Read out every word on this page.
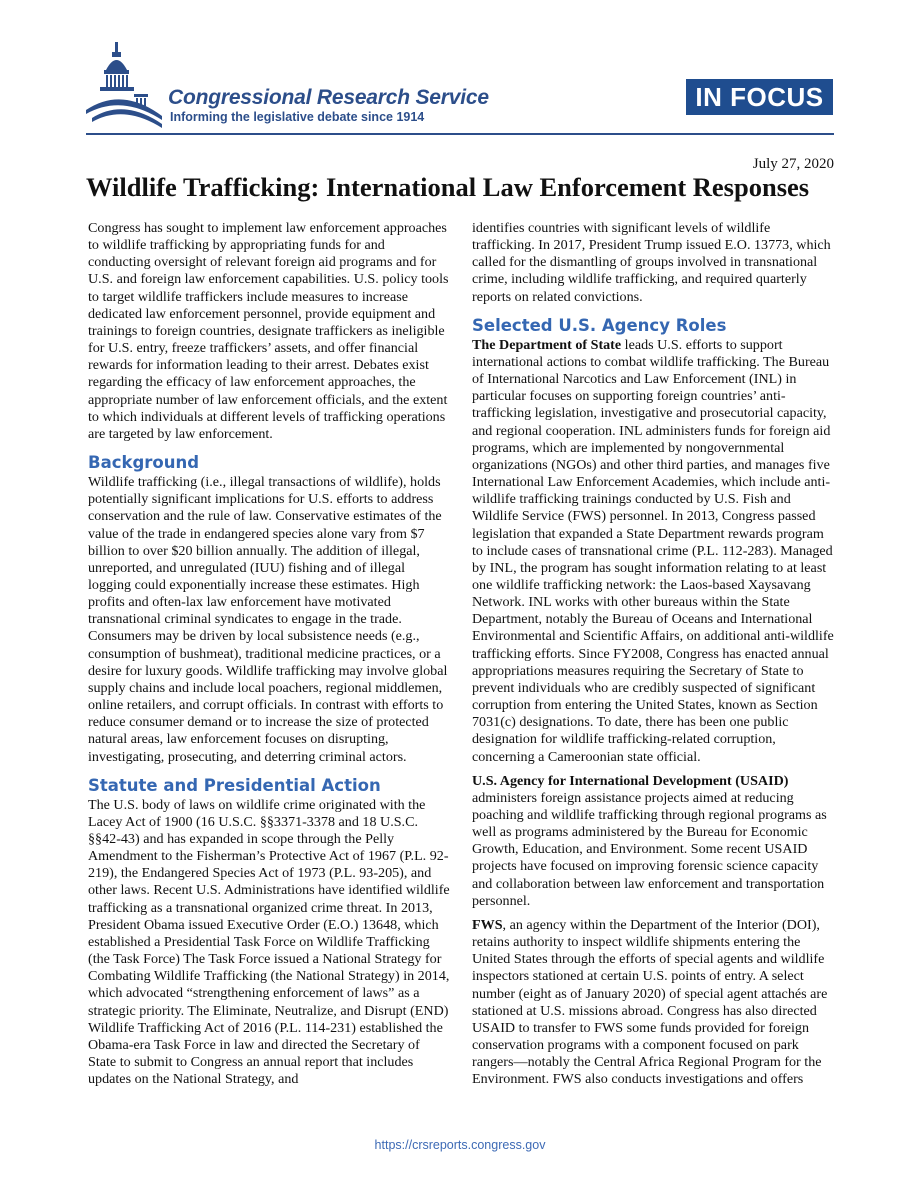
Congressional Research Service
Informing the legislative debate since 1914
IN FOCUS
July 27, 2020
Wildlife Trafficking: International Law Enforcement Responses

Congress has sought to implement law enforcement approaches to wildlife trafficking by appropriating funds for and conducting oversight of relevant foreign aid programs and for U.S. and foreign law enforcement capabilities. U.S. policy tools to target wildlife traffickers include measures to increase dedicated law enforcement personnel, provide equipment and trainings to foreign countries, designate traffickers as ineligible for U.S. entry, freeze traffickers’ assets, and offer financial rewards for information leading to their arrest. Debates exist regarding the efficacy of law enforcement approaches, the appropriate number of law enforcement officials, and the extent to which individuals at different levels of trafficking operations are targeted by law enforcement.

Background

Wildlife trafficking (i.e., illegal transactions of wildlife), holds potentially significant implications for U.S. efforts to address conservation and the rule of law. Conservative estimates of the value of the trade in endangered species alone vary from $7 billion to over $20 billion annually. The addition of illegal, unreported, and unregulated (IUU) fishing and of illegal logging could exponentially increase these estimates. High profits and often-lax law enforcement have motivated transnational criminal syndicates to engage in the trade. Consumers may be driven by local subsistence needs (e.g., consumption of bushmeat), traditional medicine practices, or a desire for luxury goods. Wildlife trafficking may involve global supply chains and include local poachers, regional middlemen, online retailers, and corrupt officials. In contrast with efforts to reduce consumer demand or to increase the size of protected natural areas, law enforcement focuses on disrupting, investigating, prosecuting, and deterring criminal actors.

Statute and Presidential Action

The U.S. body of laws on wildlife crime originated with the Lacey Act of 1900 (16 U.S.C. §§3371-3378 and 18 U.S.C. §§42-43) and has expanded in scope through the Pelly Amendment to the Fisherman’s Protective Act of 1967 (P.L. 92-219), the Endangered Species Act of 1973 (P.L. 93-205), and other laws. Recent U.S. Administrations have identified wildlife trafficking as a transnational organized crime threat. In 2013, President Obama issued Executive Order (E.O.) 13648, which established a Presidential Task Force on Wildlife Trafficking (the Task Force) The Task Force issued a National Strategy for Combating Wildlife Trafficking (the National Strategy) in 2014, which advocated “strengthening enforcement of laws” as a strategic priority. The Eliminate, Neutralize, and Disrupt (END) Wildlife Trafficking Act of 2016 (P.L. 114-231) established the Obama-era Task Force in law and directed the Secretary of State to submit to Congress an annual report that includes updates on the National Strategy, and

identifies countries with significant levels of wildlife trafficking. In 2017, President Trump issued E.O. 13773, which called for the dismantling of groups involved in transnational crime, including wildlife trafficking, and required quarterly reports on related convictions.

Selected U.S. Agency Roles

The Department of State leads U.S. efforts to support international actions to combat wildlife trafficking. The Bureau of International Narcotics and Law Enforcement (INL) in particular focuses on supporting foreign countries’ anti-trafficking legislation, investigative and prosecutorial capacity, and regional cooperation. INL administers funds for foreign aid programs, which are implemented by nongovernmental organizations (NGOs) and other third parties, and manages five International Law Enforcement Academies, which include anti-wildlife trafficking trainings conducted by U.S. Fish and Wildlife Service (FWS) personnel. In 2013, Congress passed legislation that expanded a State Department rewards program to include cases of transnational crime (P.L. 112-283). Managed by INL, the program has sought information relating to at least one wildlife trafficking network: the Laos-based Xaysavang Network. INL works with other bureaus within the State Department, notably the Bureau of Oceans and International Environmental and Scientific Affairs, on additional anti-wildlife trafficking efforts. Since FY2008, Congress has enacted annual appropriations measures requiring the Secretary of State to prevent individuals who are credibly suspected of significant corruption from entering the United States, known as Section 7031(c) designations. To date, there has been one public designation for wildlife trafficking-related corruption, concerning a Cameroonian state official.

U.S. Agency for International Development (USAID) administers foreign assistance projects aimed at reducing poaching and wildlife trafficking through regional programs as well as programs administered by the Bureau for Economic Growth, Education, and Environment. Some recent USAID projects have focused on improving forensic science capacity and collaboration between law enforcement and transportation personnel.

FWS, an agency within the Department of the Interior (DOI), retains authority to inspect wildlife shipments entering the United States through the efforts of special agents and wildlife inspectors stationed at certain U.S. points of entry. A select number (eight as of January 2020) of special agent attachés are stationed at U.S. missions abroad. Congress has also directed USAID to transfer to FWS some funds provided for foreign conservation programs with a component focused on park rangers—notably the Central Africa Regional Program for the Environment. FWS also conducts investigations and offers

https://crsreports.congress.gov
